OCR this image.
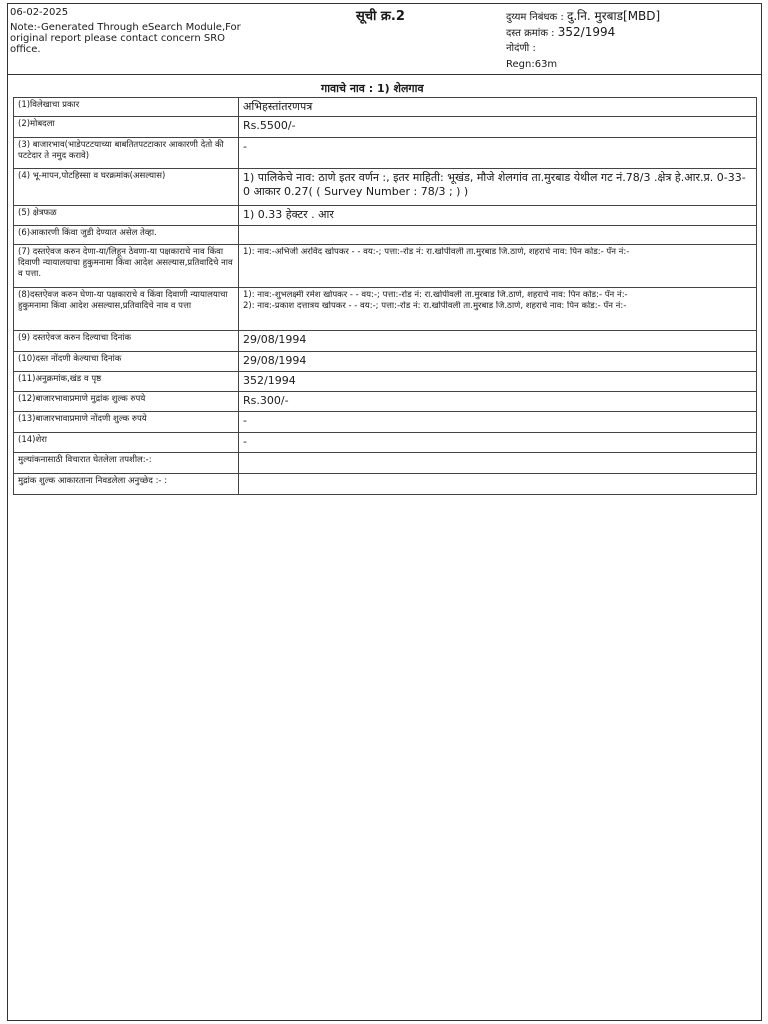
06-02-2025
Note:-Generated Through eSearch Module,For original report please contact concern SRO office.
सूची क्र.2	दुय्यम निबंधक : दु.नि. मुरबाड[MBD]
दस्त क्रमांक : 352/1994
नोदंणी :
Regn:63m
गावाचे नाव : 1) शेलगाव
(1)विलेखाचा प्रकार	अभिहस्तांतरणपत्र
(2)मोबदला	Rs.5500/-
(3) बाजारभाव(भाडेपटटयाच्या बाबतितपटटाकार आकारणी देतो की पटटेदार ते नमुद करावे)	-
(4) भू-मापन,पोटहिस्सा व घरक्रमांक(असल्यास)	1) पालिकेचे नाव: ठाणे इतर वर्णन :, इतर माहिती: भूखंड, मौजे शेलगांव ता.मुरबाड येथील गट नं.78/3 .क्षेत्र हे.आर.प्र. 0-33-0 आकार 0.27( ( Survey Number : 78/3 ; ) )
(5) क्षेत्रफळ	1) 0.33 हेक्टर . आर
(6)आकारणी किंवा जुडी देण्यात असेल तेव्हा.	
(7) दस्तऐवज करुन देणा-या/लिहून ठेवणा-या पक्षकाराचे नाव किंवा दिवाणी न्यायालयाचा हुकुमनामा किंवा आदेश असल्यास,प्रतिवादिचे नाव व पत्ता.	1): नाव:-अभिजी अरविंद खोपकर - - वय:-; पत्ता:-रोड नं: रा.खोपीवली ता.मुरबाड जि.ठाणे, शहराचे नाव: पिन कोड:- पॅन नं:-

(8)दस्तऐवज करुन घेणा-या पक्षकाराचे व किंवा दिवाणी न्यायालयाचा हुकुमनामा किंवा आदेश असल्यास,प्रतिवादिचे नाव व पत्ता	1): नाव:-शुभलक्ष्मी रमेश खोपकर - - वय:-; पत्ता:-रोड नं: रा.खोपीवली ता.मुरबाड जि.ठाणे, शहराचे नाव: पिन कोड:- पॅन नं:-
2): नाव:-प्रकाश दत्तात्रय खोपकर - - वय:-; पत्ता:-रोड नं: रा.खोपीवली ता.मुरबाड जि.ठाणे, शहराचे नाव: पिन कोड:- पॅन नं:-

(9) दस्तऐवज करुन दिल्याचा दिनांक	29/08/1994
(10)दस्त नोंदणी केल्याचा दिनांक	29/08/1994
(11)अनुक्रमांक,खंड व पृष्ठ	352/1994
(12)बाजारभावाप्रमाणे मुद्रांक शुल्क रुपये	Rs.300/-
(13)बाजारभावाप्रमाणे नोंदणी शुल्क रुपये	-
(14)शेरा	-
मुल्यांकनासाठी विचारात घेतलेला तपशील:-:	
मुद्रांक शुल्क आकारताना निवडलेला अनुच्छेद :- :	
